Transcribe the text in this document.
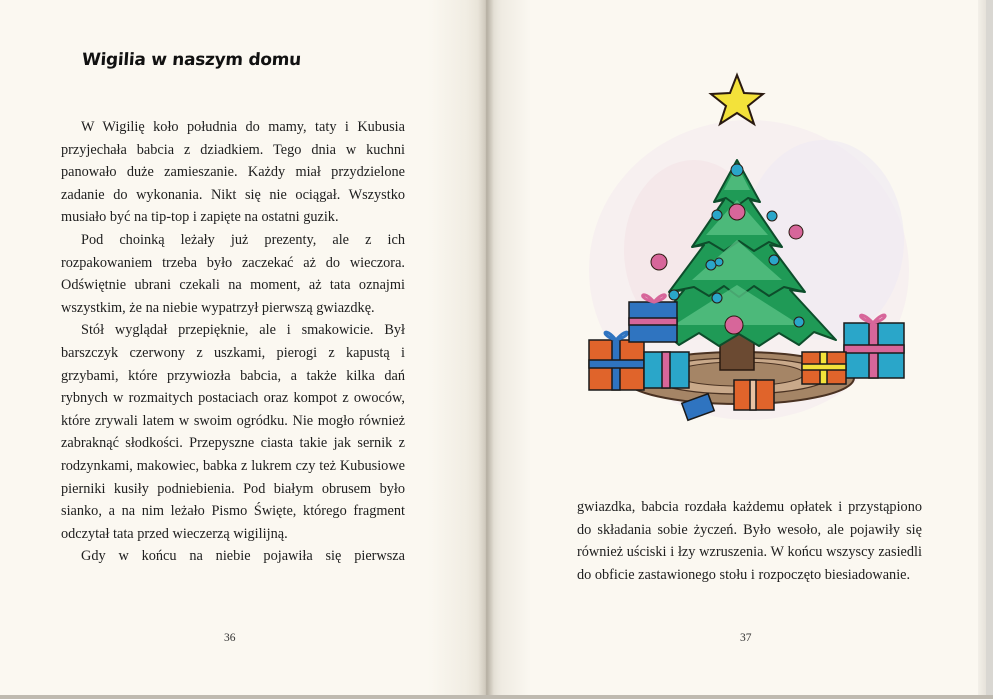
Wigilia w naszym domu

W Wigilię koło południa do mamy, taty i Kubusia przyjechała babcia z dziadkiem. Tego dnia w kuchni panowało duże zamieszanie. Każdy miał przydzielone zadanie do wykonania. Nikt się nie ociągał. Wszystko musiało być na tip-top i zapięte na ostatni guzik.

Pod choinką leżały już prezenty, ale z ich rozpakowaniem trzeba było zaczekać aż do wieczora. Odświętnie ubrani czekali na moment, aż tata oznajmi wszystkim, że na niebie wypatrzył pierwszą gwiazdkę.

Stół wyglądał przepięknie, ale i smakowicie. Był barszczyk czerwony z uszkami, pierogi z kapustą i grzybami, które przywiozła babcia, a także kilka dań rybnych w rozmaitych postaciach oraz kompot z owoców, które zrywali latem w swoim ogródku. Nie mogło również zabraknąć słodkości. Przepyszne ciasta takie jak sernik z rodzynkami, makowiec, babka z lukrem czy też Kubusiowe pierniki kusiły podniebienia. Pod białym obrusem było sianko, a na nim leżało Pismo Święte, którego fragment odczytał tata przed wieczerzą wigilijną.

Gdy w końcu na niebie pojawiła się pierwsza

36

gwiazdka, babcia rozdała każdemu opłatek i przystąpiono do składania sobie życzeń. Było wesoło, ale pojawiły się również uściski i łzy wzruszenia. W końcu wszyscy zasiedli do obficie zastawionego stołu i rozpoczęto biesiadowanie.

37
